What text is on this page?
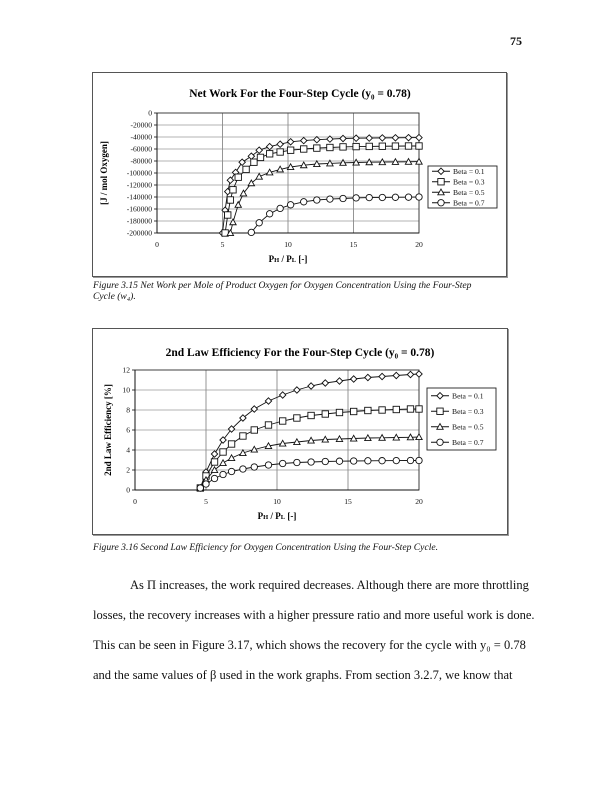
75
Net Work For the Four-Step Cycle (y₀ = 0.78)
0
-20000
-40000
-60000
-80000
-100000
-120000
-140000
-160000
-180000
-200000
0	5	10	15	20
PH / PL [-]
[J / mol Oxygen]	Beta = 0.1
Beta = 0.3
Beta = 0.5
Beta = 0.7
Figure 3.15 Net Work per Mole of Product Oxygen for Oxygen Concentration Using the Four-Step
Cycle (w₄).
2nd Law Efficiency For the Four-Step Cycle (y₀ = 0.78)
0
2
4
6
8
10
12
0	5	10	15	20
PH / PL [-]
2nd Law Efficiency [%]	Beta = 0.1
Beta = 0.3
Beta = 0.5
Beta = 0.7
Figure 3.16 Second Law Efficiency for Oxygen Concentration Using the Four-Step Cycle.
As Π increases, the work required decreases. Although there are more throttling
losses, the recovery increases with a higher pressure ratio and more useful work is done.
This can be seen in Figure 3.17, which shows the recovery for the cycle with y₀ = 0.78
and the same values of β used in the work graphs. From section 3.2.7, we know that
